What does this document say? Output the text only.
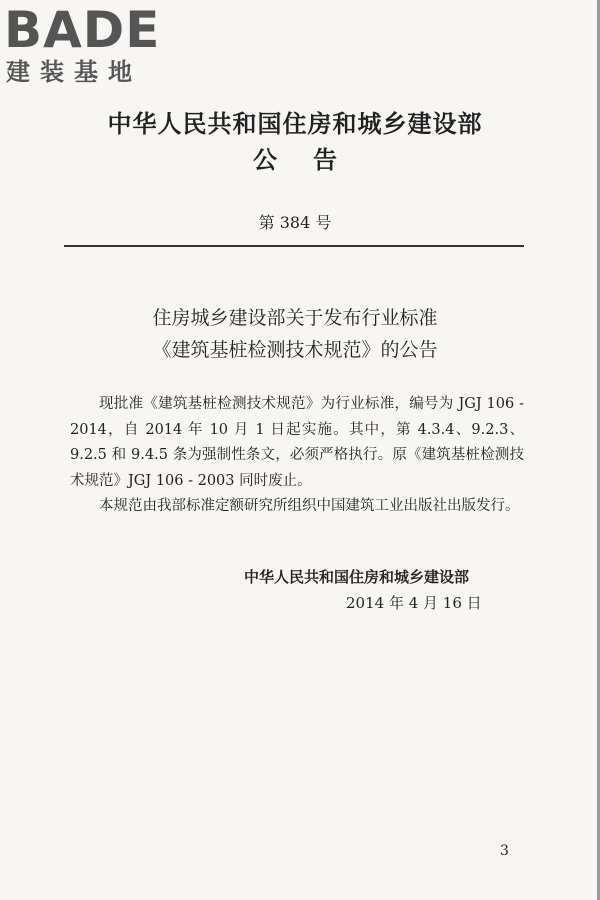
BADE
建装基地
中华人民共和国住房和城乡建设部
公告
第 384 号
住房城乡建设部关于发布行业标准
《建筑基桩检测技术规范》的公告

现批准《建筑基桩检测技术规范》为行业标准，编号为 JGJ 106 - 2014，自 2014 年 10 月 1 日起实施。其中，第 4.3.4、9.2.3、9.2.5 和 9.4.5 条为强制性条文，必须严格执行。原《建筑基桩检测技术规范》JGJ 106 - 2003 同时废止。

本规范由我部标准定额研究所组织中国建筑工业出版社出版发行。

中华人民共和国住房和城乡建设部
2014 年 4 月 16 日
3
